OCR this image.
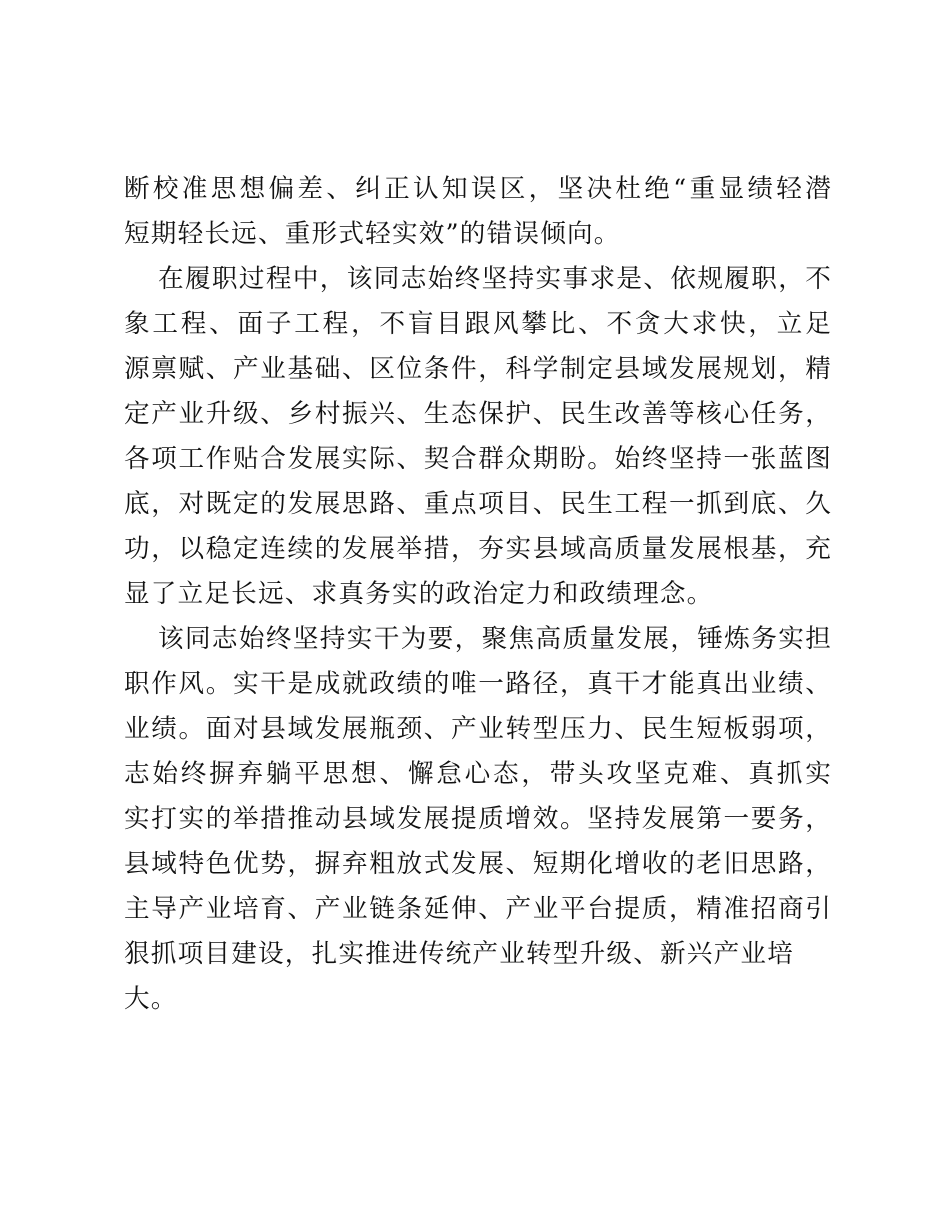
断校准思想偏差、纠正认知误区，坚决杜绝“重显绩轻潜
短期轻长远、重形式轻实效”的错误倾向。
在履职过程中，该同志始终坚持实事求是、依规履职，不
象工程、面子工程，不盲目跟风攀比、不贪大求快，立足
源禀赋、产业基础、区位条件，科学制定县域发展规划，精
定产业升级、乡村振兴、生态保护、民生改善等核心任务，
各项工作贴合发展实际、契合群众期盼。始终坚持一张蓝图
底，对既定的发展思路、重点项目、民生工程一抓到底、久
功，以稳定连续的发展举措，夯实县域高质量发展根基，充
显了立足长远、求真务实的政治定力和政绩理念。
该同志始终坚持实干为要，聚焦高质量发展，锤炼务实担
职作风。实干是成就政绩的唯一路径，真干才能真出业绩、
业绩。面对县域发展瓶颈、产业转型压力、民生短板弱项，
志始终摒弃躺平思想、懈怠心态，带头攻坚克难、真抓实
实打实的举措推动县域发展提质增效。坚持发展第一要务，
县域特色优势，摒弃粗放式发展、短期化增收的老旧思路，
主导产业培育、产业链条延伸、产业平台提质，精准招商引
狠抓项目建设，扎实推进传统产业转型升级、新兴产业培
大。
